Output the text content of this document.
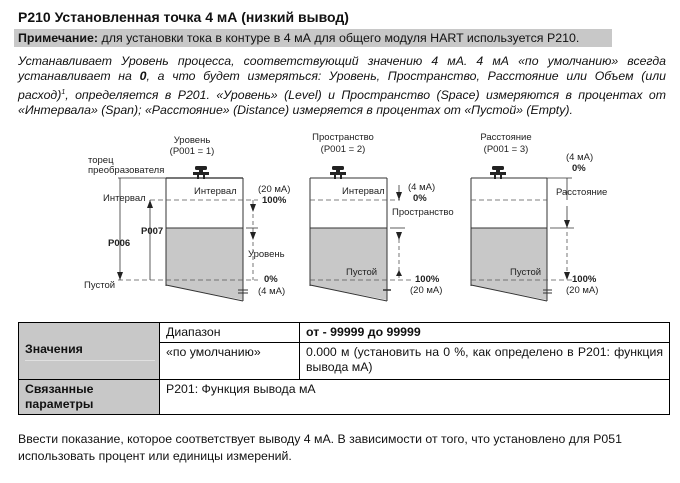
P210 Установленная точка 4 мА (низкий вывод)
Примечание: для установки тока в контуре в 4 мА для общего модуля HART используется P210.
Устанавливает Уровень процесса, соответствующий значению 4 мА. 4 мА «по умолчанию» всегда устанавливает на 0, а что будет измеряться: Уровень, Пространство, Расстояние или Объем (или расход)$^1$, определяется в P201. «Уровень» (Level) и Пространство (Space) измеряются в процентах от «Интервала» (Span); «Расстояние» (Distance) измеряется в процентах от «Пустой» (Empty).
Уровень
(P001 = 1)
торец
преобразователя
Интервал
Интервал
P007
P006
Пустой
(20 мА)
100%
Уровень
0%
(4 мА)
Пространство
(P001 = 2)
Интервал
Пустой
(4 мА)
0%
Пространство
100%
(20 мА)
Расстояние
(P001 = 3)
Пустой
(4 мА)
0%
Расстояние
100%
(20 мА)
Значения	Диапазон	от - 99999 до 99999
	«по умолчанию»	0.000 м (установить на 0 %, как определено в P201: функция вывода мА)
Связанные
параметры	P201: Функция вывода мА	
Ввести показание, которое соответствует выводу 4 мА. В зависимости от того, что установлено для P051 использовать процент или единицы измерений.
